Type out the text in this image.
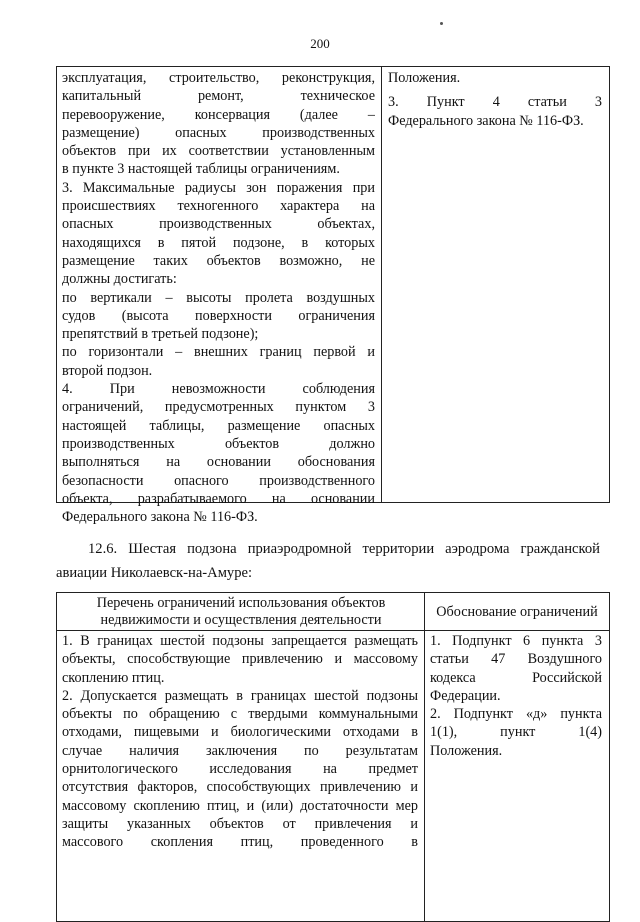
200
эксплуатация, строительство, реконструкция,
капитальный ремонт, техническое
перевооружение, консервация (далее –
размещение) опасных производственных
объектов при их соответствии установленным
в пункте 3 настоящей таблицы ограничениям.
3. Максимальные радиусы зон поражения при
происшествиях техногенного характера на
опасных производственных объектах,
находящихся в пятой подзоне, в которых
размещение таких объектов возможно, не
должны достигать:
по вертикали – высоты пролета воздушных
судов (высота поверхности ограничения
препятствий в третьей подзоне);
по горизонтали – внешних границ первой и
второй подзон.
4. При невозможности соблюдения
ограничений, предусмотренных пунктом 3
настоящей таблицы, размещение опасных
производственных объектов должно
выполняться на основании обоснования
безопасности опасного производственного
объекта, разрабатываемого на основании
Федерального закона № 116-ФЗ.
Положения.
3. Пункт 4 статьи 3
Федерального закона № 116-ФЗ.
12.6. Шестая подзона приаэродромной территории аэродрома гражданской
авиации Николаевск-на-Амуре:
Перечень ограничений использования объектов недвижимости и осуществления деятельности
Обоснование ограничений
1. В границах шестой подзоны запрещается размещать
объекты, способствующие привлечению и массовому
скоплению птиц.
2. Допускается размещать в границах шестой подзоны
объекты по обращению с твердыми коммунальными
отходами, пищевыми и биологическими отходами в
случае наличия заключения по результатам
орнитологического исследования на предмет
отсутствия факторов, способствующих привлечению и
массовому скоплению птиц, и (или) достаточности мер
защиты указанных объектов от привлечения и
массового скопления птиц, проведенного в
1. Подпункт 6 пункта 3
статьи 47 Воздушного
кодекса Российской
Федерации.
2. Подпункт «д» пункта
1(1), пункт 1(4)
Положения.
